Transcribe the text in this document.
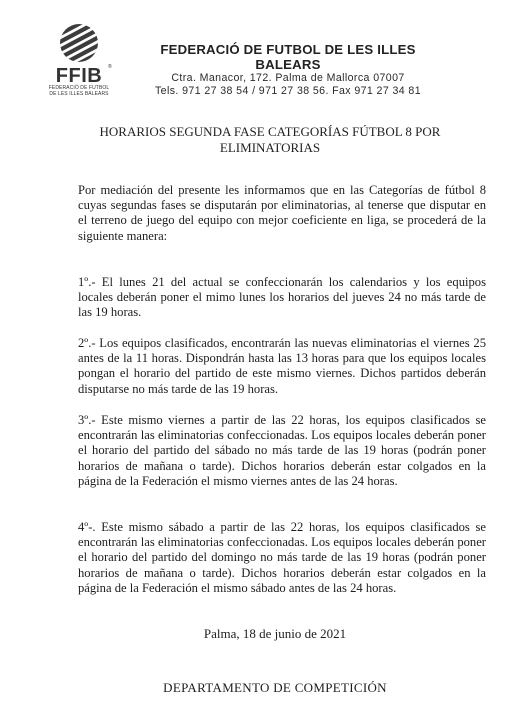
FFIB ®
FEDERACIÓ DE FUTBOL
DE LES ILLES BALEARS
FEDERACIÓ DE FUTBOL DE LES ILLES BALEARS
Ctra. Manacor, 172. Palma de Mallorca 07007
Tels. 971 27 38 54 / 971 27 38 56. Fax 971 27 34 81
HORARIOS SEGUNDA FASE CATEGORÍAS FÚTBOL 8 POR ELIMINATORIAS
Por mediación del presente les informamos que en las Categorías de fútbol 8 cuyas segundas fases se disputarán por eliminatorias, al tenerse que disputar en el terreno de juego del equipo con mejor coeficiente en liga, se procederá de la siguiente manera:
1º.- El lunes 21 del actual se confeccionarán los calendarios y los equipos locales deberán poner el mimo lunes los horarios del jueves 24 no más tarde de las 19 horas.
2º.- Los equipos clasificados, encontrarán las nuevas eliminatorias el viernes 25 antes de la 11 horas. Dispondrán hasta las 13 horas para que los equipos locales pongan el horario del partido de este mismo viernes. Dichos partidos deberán disputarse no más tarde de las 19 horas.
3º.- Este mismo viernes a partir de las 22 horas, los equipos clasificados se encontrarán las eliminatorias confeccionadas. Los equipos locales deberán poner el horario del partido del sábado no más tarde de las 19 horas (podrán poner horarios de mañana o tarde). Dichos horarios deberán estar colgados en la página de la Federación el mismo viernes antes de las 24 horas.
4º-. Este mismo sábado a partir de las 22 horas, los equipos clasificados se encontrarán las eliminatorias confeccionadas. Los equipos locales deberán poner el horario del partido del domingo no más tarde de las 19 horas (podrán poner horarios de mañana o tarde). Dichos horarios deberán estar colgados en la página de la Federación el mismo sábado antes de las 24 horas.
Palma, 18 de junio de 2021
DEPARTAMENTO DE COMPETICIÓN
